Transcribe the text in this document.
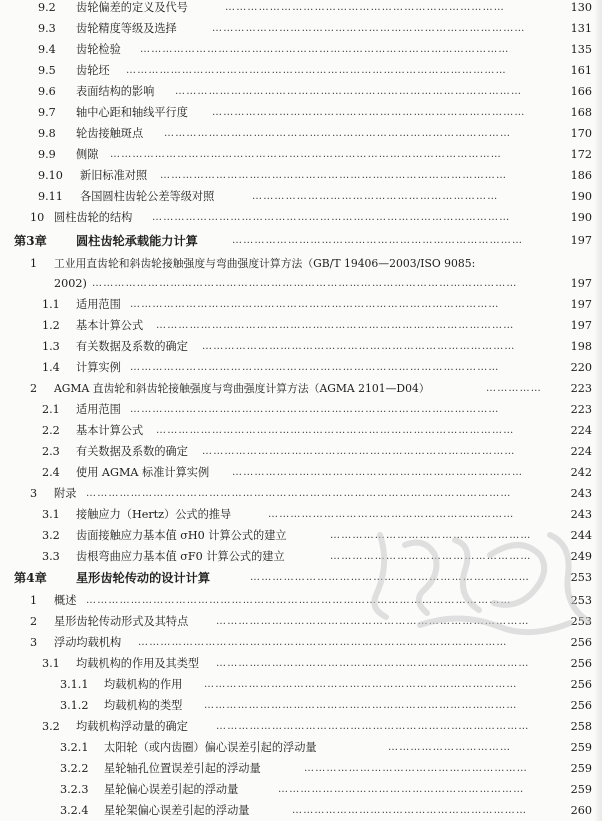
9.2 齿轮偏差的定义及代号	…………………………………………………………………	130
9.3 齿轮精度等级及选择	…………………………………………………………………………	131
9.4 齿轮检验 ………………………………………………………………………………………	135
9.5 齿轮坯 …………………………………………………………………………………………	161
9.6 表面结构的影响 …………………………………………………………………………………	166
9.7 轴中心距和轴线平行度 …………………………………………………………………………	168
9.8 轮齿接触斑点 …………………………………………………………………………………	170
9.9 侧隙 ……………………………………………………………………………………………	172
9.10 新旧标准对照 …………………………………………………………………………………	186
9.11 各国圆柱齿轮公差等级对照	…………………………………………………………	190
10 圆柱齿轮的结构 ……………………………………………………………………………………	190
第3章 圆柱齿轮承载能力计算	……………………………………………………………………	197
1 工业用直齿轮和斜齿轮接触强度与弯曲强度计算方法（GB/T 19406—2003/ISO 9085:
2002) ……………………………………………………………………………………………………	197
1.1 适用范围 ………………………………………………………………………………………	197
1.2 基本计算公式 ……………………………………………………………………………………	197
1.3 有关数据及系数的确定 …………………………………………………………………………	198
1.4 计算实例 ………………………………………………………………………………………	220
2 AGMA 直齿轮和斜齿轮接触强度与弯曲强度计算方法（AGMA 2101—D04）	……………	223
2.1 适用范围 ………………………………………………………………………………………	223
2.2 基本计算公式 ……………………………………………………………………………………	224
2.3 有关数据及系数的确定 …………………………………………………………………………	224
2.4 使用 AGMA 标准计算实例 ……………………………………………………………………	242
3 附录 ……………………………………………………………………………………………………	243
3.1 接触应力（Hertz）公式的推导	…………………………………………………………	243
3.2 齿面接触应力基本值 σH0 计算公式的建立	………………………………………………	244
3.3 齿根弯曲应力基本值 σF0 计算公式的建立	………………………………………………	249
第4章 星形齿轮传动的设计计算	…………………………………………………………………	253
1 概述 ……………………………………………………………………………………………………	253
2 星形齿轮传动形式及其特点	…………………………………………………………………………	253
3 浮动均载机构 ………………………………………………………………………………………	256
3.1 均载机构的作用及其类型 …………………………………………………………………………	256
3.1.1 均载机构的作用 …………………………………………………………………………	256
3.1.2 均载机构的类型 …………………………………………………………………………	256
3.2 均载机构浮动量的确定	…………………………………………………………………………	258
3.2.1 太阳轮（或内齿圈）偏心误差引起的浮动量	……………………………	259
3.2.2 星轮轴孔位置误差引起的浮动量	……………………………………………………	259
3.2.3 星轮偏心误差引起的浮动量	…………………………………………………………	259
3.2.4 星轮架偏心误差引起的浮动量	………………………………………………………	260
